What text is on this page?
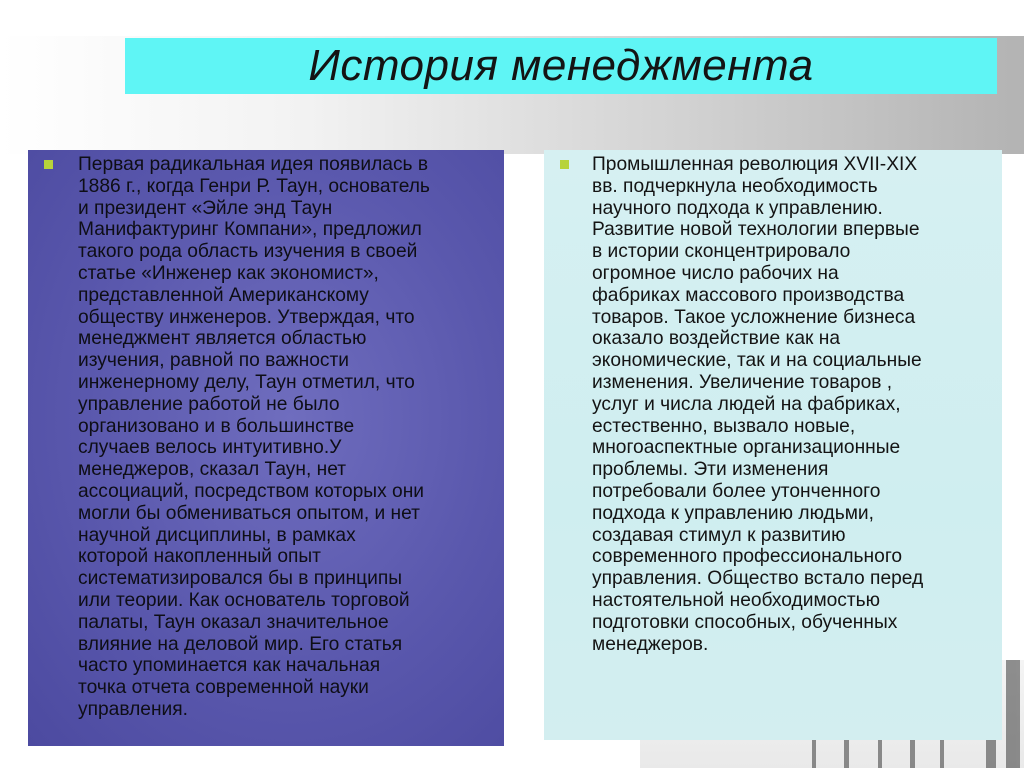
История менеджмента
Первая радикальная идея появилась в
1886 г., когда Генри Р. Таун, основатель
и президент «Эйле энд Таун
Манифактуринг Компани», предложил
такого рода область изучения в своей
статье «Инженер как экономист»,
представленной Американскому
обществу инженеров. Утверждая, что
менеджмент является областью
изучения, равной по важности
инженерному делу, Таун отметил, что
управление работой не было
организовано и в большинстве
случаев велось интуитивно.У
менеджеров, сказал Таун, нет
ассоциаций, посредством которых они
могли бы обмениваться опытом, и нет
научной дисциплины, в рамках
которой накопленный опыт
систематизировался бы в принципы
или теории. Как основатель торговой
палаты, Таун оказал значительное
влияние на деловой мир. Его статья
часто упоминается как начальная
точка отчета современной науки
управления.
Промышленная революция XVII-XIX
вв. подчеркнула необходимость
научного подхода к управлению.
Развитие новой технологии впервые
в истории сконцентрировало
огромное число рабочих на
фабриках массового производства
товаров. Такое усложнение бизнеса
оказало воздействие как на
экономические, так и на социальные
изменения. Увеличение товаров ,
услуг и числа людей на фабриках,
естественно, вызвало новые,
многоаспектные организационные
проблемы. Эти изменения
потребовали более утонченного
подхода к управлению людьми,
создавая стимул к развитию
современного профессионального
управления. Общество встало перед
настоятельной необходимостью
подготовки способных, обученных
менеджеров.
